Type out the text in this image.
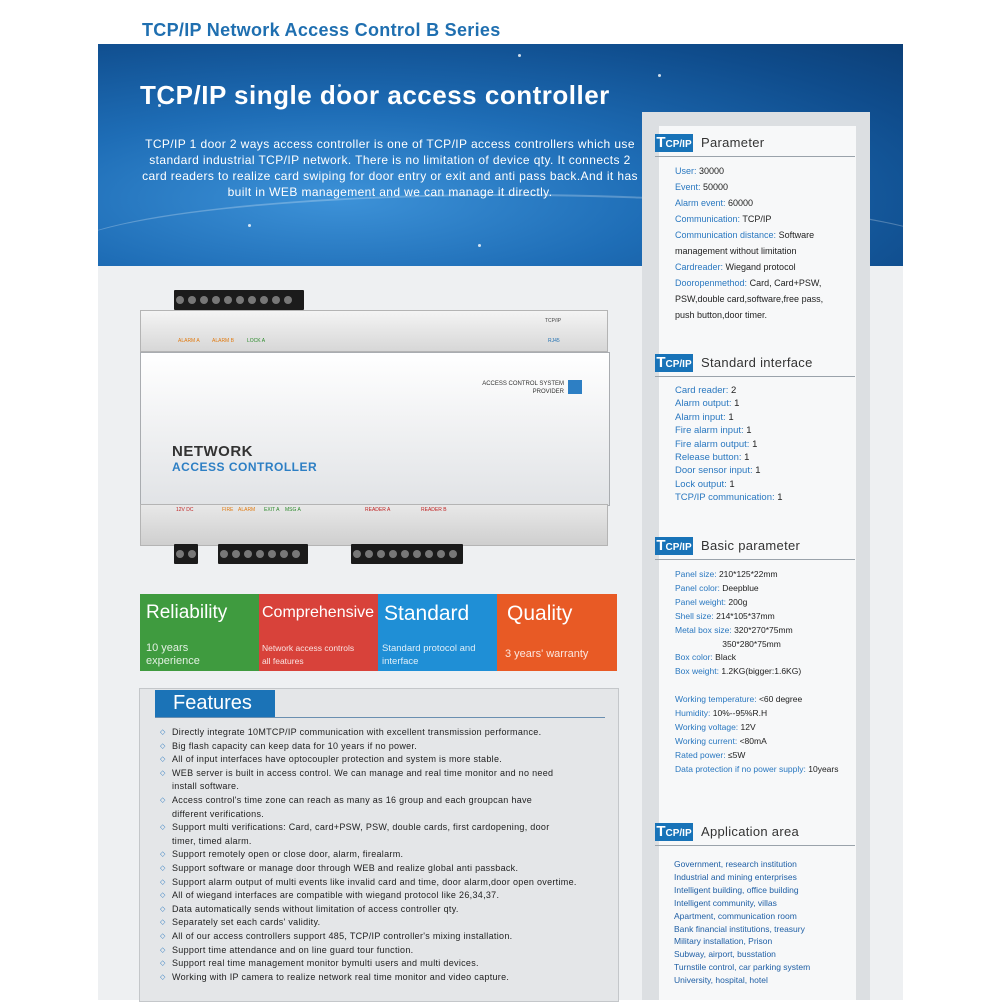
TCP/IP Network Access Control B Series
TCP/IP single door access controller
TCP/IP 1 door 2 ways access controller is one of TCP/IP access controllers which use standard industrial TCP/IP network. There is no limitation of device qty. It connects 2 card readers to realize card swiping for door entry or exit and anti pass back.And it has built in WEB management and we can manage it directly.
TCP/IP Parameter
User: 30000
Event: 50000
Alarm event: 60000
Communication: TCP/IP
Communication distance: Software
management without limitation
Cardreader: Wiegand protocol
Dooropenmethod: Card, Card+PSW,
PSW,double card,software,free pass,
push button,door timer.
TCP/IP Standard interface
Card reader: 2
Alarm output: 1
Alarm input: 1
Fire alarm input: 1
Fire alarm output: 1
Release button: 1
Door sensor input: 1
Lock output: 1
TCP/IP communication: 1
TCP/IP Basic parameter
Panel size: 210*125*22mm
Panel color: Deepblue
Panel weight: 200g
Shell size: 214*105*37mm
Metal box size: 320*270*75mm
350*280*75mm
Box color: Black
Box weight: 1.2KG(bigger:1.6KG)

Working temperature: <60 degree
Humidity: 10%--95%R.H
Working voltage: 12V
Working current: <80mA
Rated power: ≤5W
Data protection if no power supply: 10years
TCP/IP Application area
Government, research institution
Industrial and mining enterprises
Intelligent building, office building
Intelligent community, villas
Apartment, communication room
Bank financial institutions, treasury
Military installation, Prison
Subway, airport, busstation
Turnstile control, car parking system
University, hospital, hotel
ALARM A ALARM B	LOCK A
TCP/IP
RJ45
ACCESS CONTROL SYSTEM
PROVIDER
NETWORK
ACCESS CONTROLLER
12V DC	FIRE ALARM EXIT A MSG A	READER A	READER B
Reliability
10 years
experience
Comprehensive
Network access controls
all features
Standard
Standard protocol and
interface
Quality
3 years' warranty
Features
◇ Directly integrate 10MTCP/IP communication with excellent transmission performance.
◇ Big flash capacity can keep data for 10 years if no power.
◇ All of input interfaces have optocoupler protection and system is more stable.
◇ WEB server is built in access control. We can manage and real time monitor and no need
install software.
◇ Access control's time zone can reach as many as 16 group and each groupcan have
different verifications.
◇ Support multi verifications: Card, card+PSW, PSW, double cards, first cardopening, door
timer, timed alarm.
◇ Support remotely open or close door, alarm, firealarm.
◇ Support software or manage door through WEB and realize global anti passback.
◇ Support alarm output of multi events like invalid card and time, door alarm,door open overtime.
◇ All of wiegand interfaces are compatible with wiegand protocol like 26,34,37.
◇ Data automatically sends without limitation of access controller qty.
◇ Separately set each cards' validity.
◇ All of our access controllers support 485, TCP/IP controller's mixing installation.
◇ Support time attendance and on line guard tour function.
◇ Support real time management monitor bymulti users and multi devices.
◇ Working with IP camera to realize network real time monitor and video capture.
